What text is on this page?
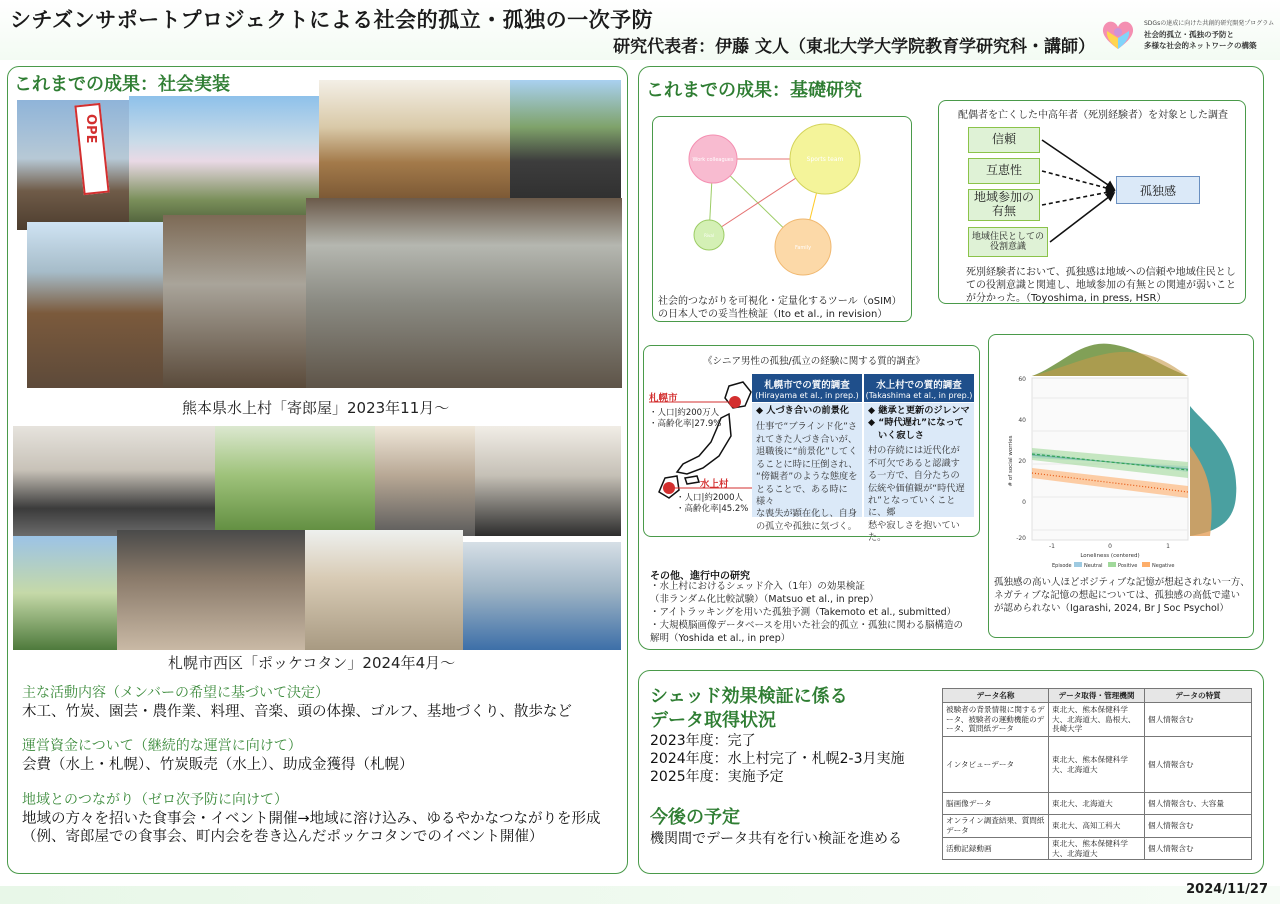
シチズンサポートプロジェクトによる社会的孤立・孤独の一次予防
研究代表者：伊藤 文人（東北大学大学院教育学研究科・講師）
SDGsの達成に向けた共創的研究開発プログラム
社会的孤立・孤独の予防と
多様な社会的ネットワークの構築
これまでの成果：社会実装
OPE
熊本県水上村「寄郎屋」2023年11月～
札幌市西区「ポッケコタン」2024年4月～
主な活動内容（メンバーの希望に基づいて決定）
木工、竹炭、園芸・農作業、料理、音楽、頭の体操、ゴルフ、基地づくり、散歩など
運営資金について（継続的な運営に向けて）
会費（水上・札幌）、竹炭販売（水上）、助成金獲得（札幌）
地域とのつながり（ゼロ次予防に向けて）
地域の方々を招いた食事会・イベント開催→地域に溶け込み、ゆるやかなつながりを形成
（例、寄郎屋での食事会、町内会を巻き込んだポッケコタンでのイベント開催）
これまでの成果：基礎研究
Work colleagues	Sports team
Family
Rival
社会的つながりを可視化・定量化するツール（oSIM）
の日本人での妥当性検証（Ito et al., in revision）
配偶者を亡くした中高年者（死別経験者）を対象とした調査
信頼
互恵性
地域参加の
有無
地域住民としての
役割意識
孤独感
死別経験者において、孤独感は地域への信頼や地域住民とし
ての役割意識と関連し、地域参加の有無との関連が弱いこと
が分かった。（Toyoshima, in press, HSR）
《シニア男性の孤独/孤立の経験に関する質的調査》
札幌市
・人口|約200万人
・高齢化率|27.9%
水上村
・人口|約2000人
・高齢化率|45.2%
札幌市での質的調査
(Hirayama et al., in prep.)
水上村での質的調査
(Takashima et al., in prep.)
◆ 人づき合いの前景化
仕事で“ブラインド化”さ
れてきた人づき合いが、
退職後に“前景化”してく
ることに時に圧倒され、
“傍観者”のような態度を
とることで、ある時に様々
な喪失が顕在化し、自身
の孤立や孤独に気づく。
◆ 継承と更新のジレンマ
◆ “時代遅れ”になって
いく寂しさ
村の存続には近代化が
不可欠であると認識す
る一方で、自分たちの
伝統や価値観が“時代遅
れ”となっていくことに、郷
愁や寂しさを抱いていた。
60
40
20
0
-20
-1	0	1
Loneliness (centered)
# of social worries
Episode Neutral	Positive	Negative
孤独感の高い人ほどポジティブな記憶が想起されない一方、
ネガティブな記憶の想起については、孤独感の高低で違い
が認められない（Igarashi, 2024, Br J Soc Psychol）
その他、進行中の研究
・水上村におけるシェッド介入（1年）の効果検証
（非ランダム化比較試験）（Matsuo et al., in prep）
・アイトラッキングを用いた孤独予測（Takemoto et al., submitted）
・大規模脳画像データベースを用いた社会的孤立・孤独に関わる脳構造の
解明（Yoshida et al., in prep）
シェッド効果検証に係る
データ取得状況
2023年度：完了
2024年度：水上村完了・札幌2-3月実施
2025年度：実施予定
今後の予定
機関間でデータ共有を行い検証を進める
データ名称	データ取得・管理機関	データの特質
被験者の背景情報に関するデータ、被験者の運動機能のデータ、質問紙データ	東北大、熊本保健科学大、北海道大、島根大、長崎大学	個人情報含む
インタビューデータ	東北大、熊本保健科学大、北海道大	個人情報含む
脳画像データ	東北大、北海道大	個人情報含む、大容量
オンライン調査結果、質問紙データ	東北大、高知工科大	個人情報含む
活動記録動画	東北大、熊本保健科学大、北海道大	個人情報含む
2024/11/27
